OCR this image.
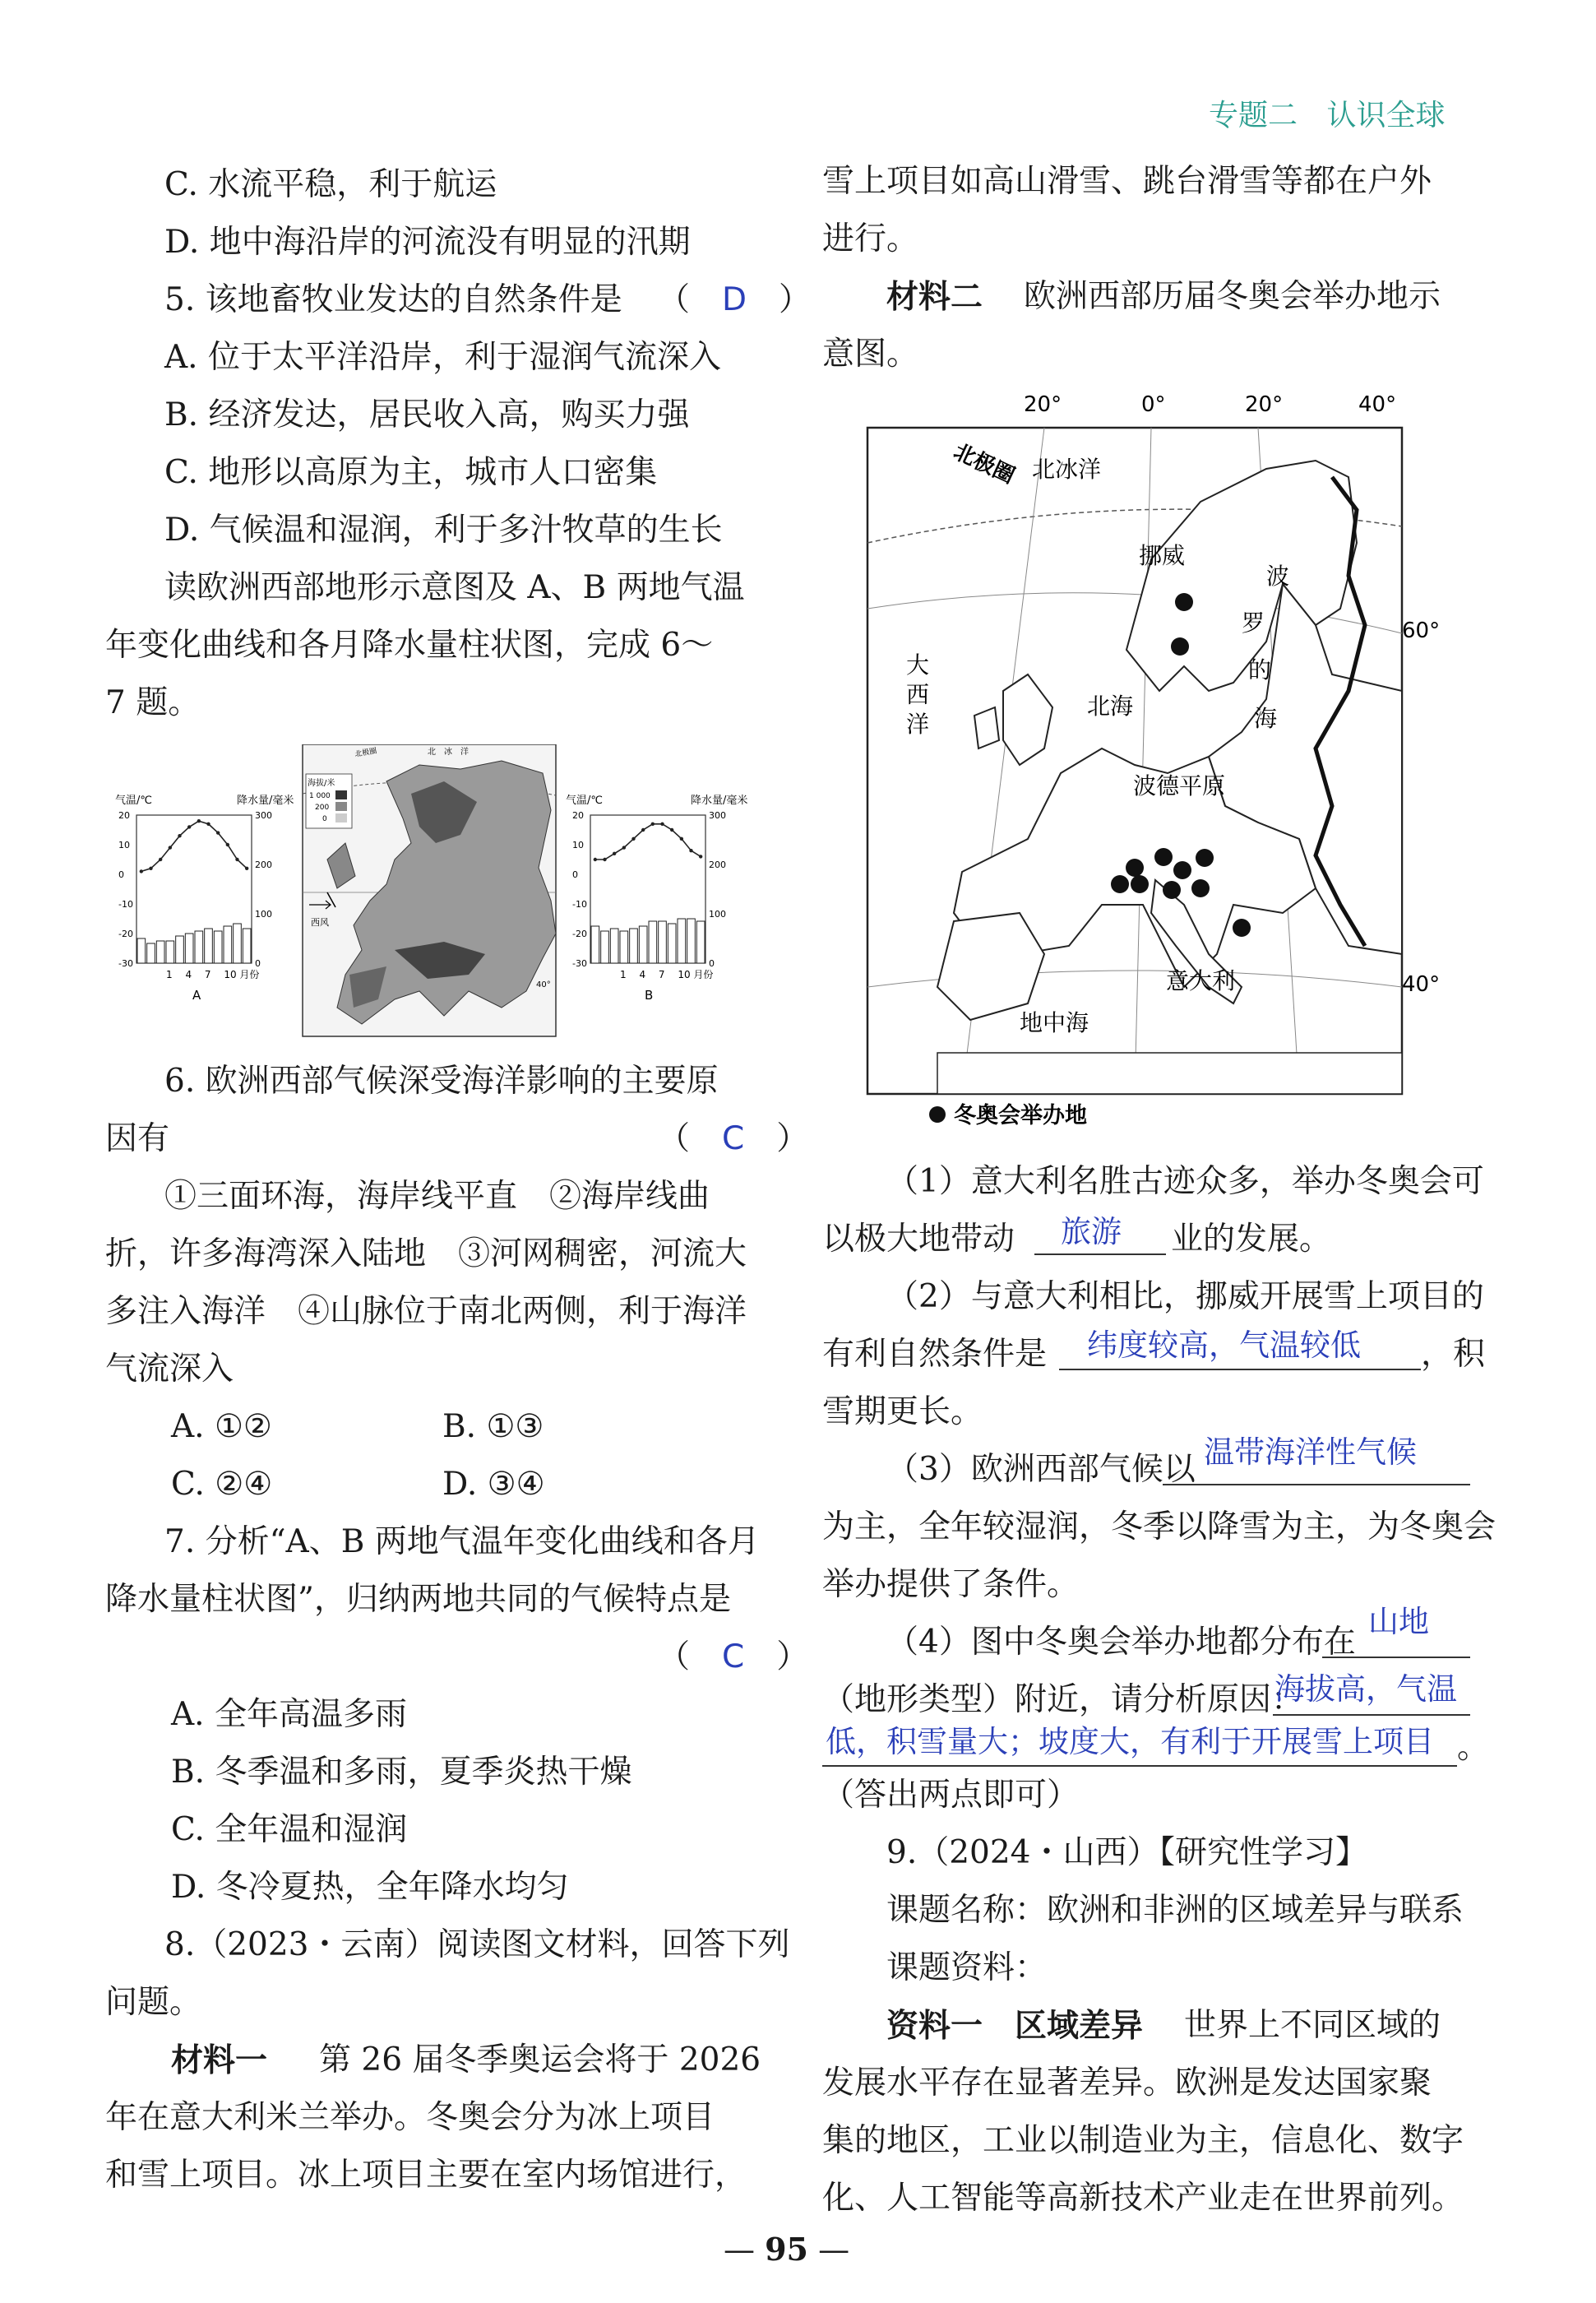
专题二 认识全球
C. 水流平稳，利于航运
D. 地中海沿岸的河流没有明显的汛期
5. 该地畜牧业发达的自然条件是 （　D　）
A. 位于太平洋沿岸，利于湿润气流深入
B. 经济发达，居民收入高，购买力强
C. 地形以高原为主，城市人口密集
D. 气候温和湿润，利于多汁牧草的生长
读欧洲西部地形示意图及 A、B 两地气温
年变化曲线和各月降水量柱状图，完成 6～
7 题。
气温/℃	降水量/毫米
20
10
0
-10
-20
-30
300
200
100
0
1　 4　 7　 10 月份
A
海拔/米
1 000
200
0
北极圈	北　冰　洋
西风
40°
气温/℃	降水量/毫米
20
10
0
-10
-20
-30
300
200
100
0
1　 4　 7　 10 月份
B
6. 欧洲西部气候深受海洋影响的主要原
因有	（　C　）
①三面环海，海岸线平直　②海岸线曲
折，许多海湾深入陆地　③河网稠密，河流大
多注入海洋　④山脉位于南北两侧，利于海洋
气流深入
A. ①②	B. ①③
C. ②④	D. ③④
7. 分析“A、B 两地气温年变化曲线和各月
降水量柱状图”，归纳两地共同的气候特点是
（　C　）
A. 全年高温多雨
B. 冬季温和多雨，夏季炎热干燥
C. 全年温和湿润
D. 冬冷夏热，全年降水均匀
8.（2023・云南）阅读图文材料，回答下列
问题。
材料一 第 26 届冬季奥运会将于 2026
年在意大利米兰举办。冬奥会分为冰上项目
和雪上项目。冰上项目主要在室内场馆进行，
雪上项目如高山滑雪、跳台滑雪等都在户外
进行。
材料二 欧洲西部历届冬奥会举办地示
意图。
20°	0°	20°	40°
北极圈 北冰洋
挪威
波
罗
的
海
大
西
洋
北海
波德平原
意大利
地中海
60°
40°
冬奥会举办地
（1）意大利名胜古迹众多，举办冬奥会可
以极大地带动 旅游 业的发展。
（2）与意大利相比，挪威开展雪上项目的
有利自然条件是 纬度较高，气温较低 ，积
雪期更长。
（3）欧洲西部气候以 温带海洋性气候
为主，全年较湿润，冬季以降雪为主，为冬奥会
举办提供了条件。
（4）图中冬奥会举办地都分布在
山地
（地形类型）附近，请分析原因：
海拔高，气温
低，积雪量大；坡度大，有利于开展雪上项目 。
（答出两点即可）
9.（2024・山西）【研究性学习】
课题名称：欧洲和非洲的区域差异与联系
课题资料：
资料一　区域差异 世界上不同区域的
发展水平存在显著差异。欧洲是发达国家聚
集的地区，工业以制造业为主，信息化、数字
化、人工智能等高新技术产业走在世界前列。
— 95 —
